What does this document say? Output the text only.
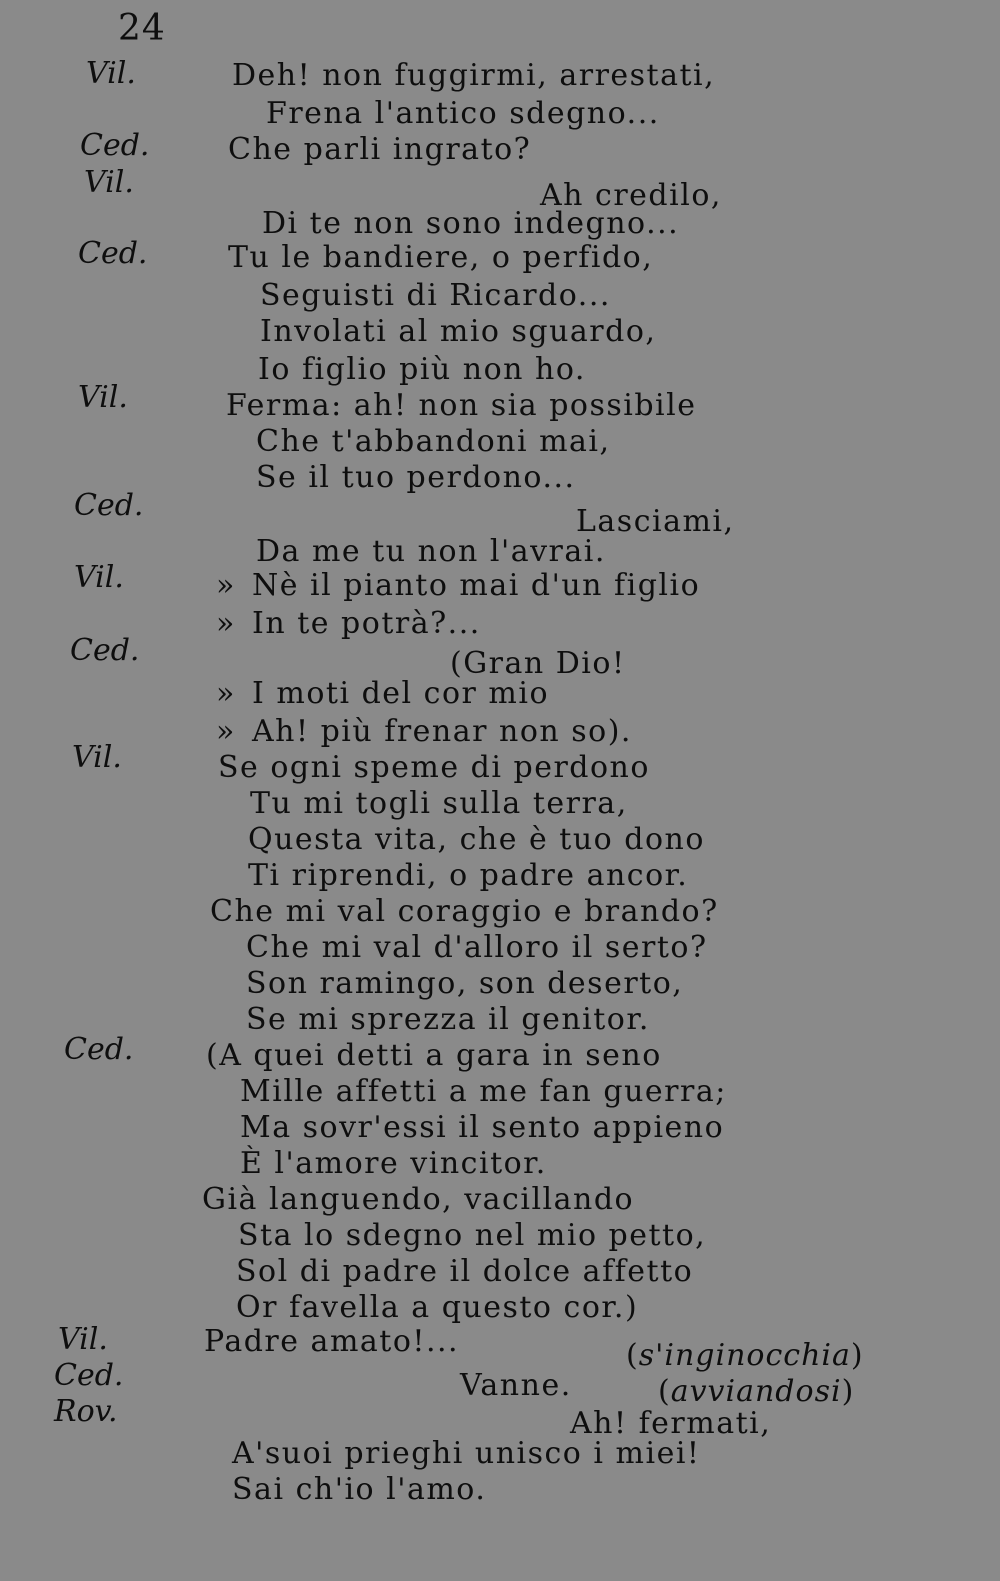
24
Vil.
Ced.
Vil.
Ced.
Vil.
Ced.
Vil.
Ced.
Vil.
Ced.
Vil.
Ced.
Rov.
Deh! non fuggirmi, arrestati,
Frena l'antico sdegno...
Che parli ingrato?
Ah credilo,
Di te non sono indegno...
Tu le bandiere, o perfido,
Seguisti di Ricardo...
Involati al mio sguardo,
Io figlio più non ho.
Ferma: ah! non sia possibile
Che t'abbandoni mai,
Se il tuo perdono...
Lasciami,
Da me tu non l'avrai.
» Nè il pianto mai d'un figlio
» In te potrà?...
(Gran Dio!
» I moti del cor mio
» Ah! più frenar non so).
Se ogni speme di perdono
Tu mi togli sulla terra,
Questa vita, che è tuo dono
Ti riprendi, o padre ancor.
Che mi val coraggio e brando?
Che mi val d'alloro il serto?
Son ramingo, son deserto,
Se mi sprezza il genitor.
(A quei detti a gara in seno
Mille affetti a me fan guerra;
Ma sovr'essi il sento appieno
È l'amore vincitor.
Già languendo, vacillando
Sta lo sdegno nel mio petto,
Sol di padre il dolce affetto
Or favella a questo cor.)
Padre amato!...
Vanne.
Ah! fermati,
A'suoi prieghi unisco i miei!
Sai ch'io l'amo.
(s'inginocchia)
(avviandosi)
